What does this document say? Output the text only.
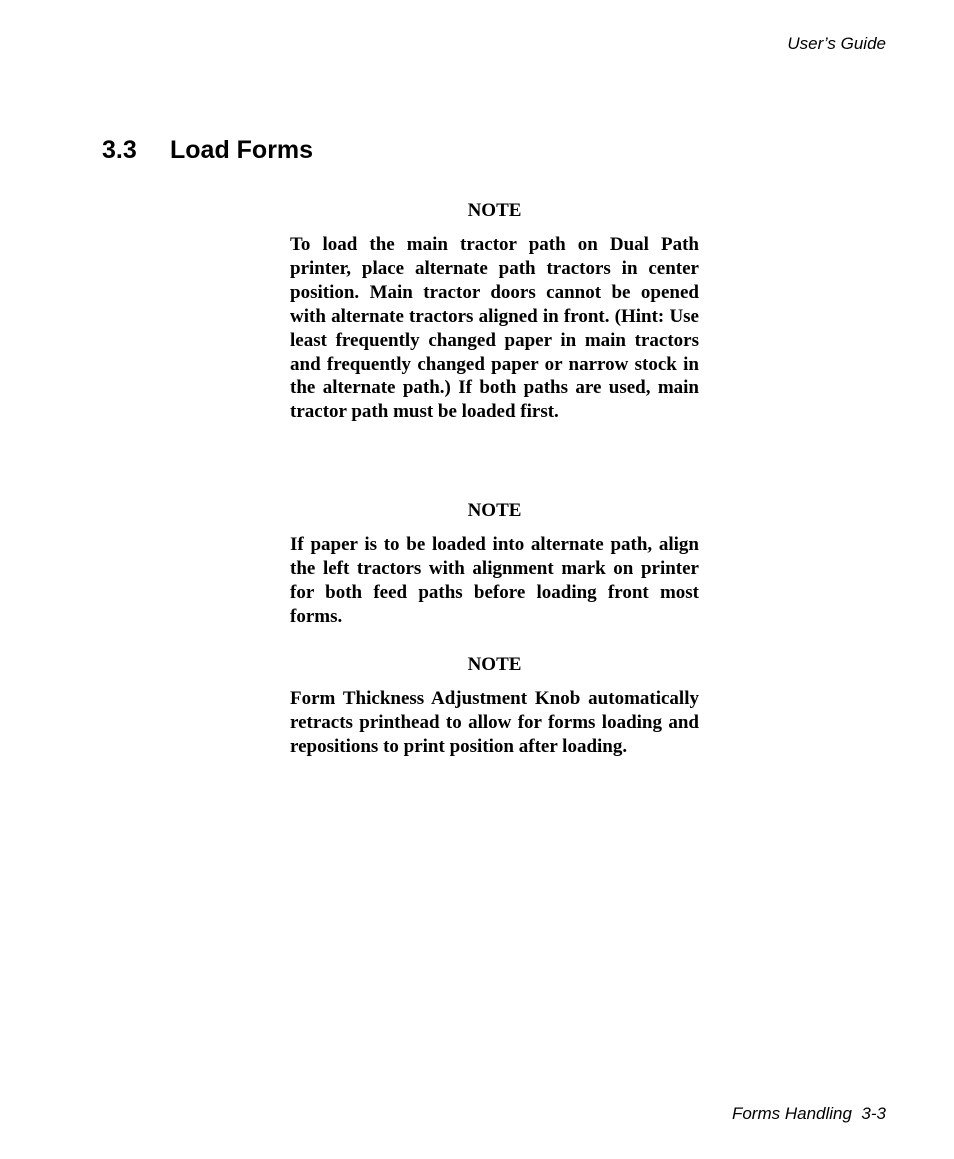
User’s Guide
3.3 Load Forms

NOTE

To load the main tractor path on Dual Path printer, place alternate path tractors in center position. Main tractor doors cannot be opened with alternate tractors aligned in front. (Hint: Use least frequently changed paper in main tractors and frequently changed paper or narrow stock in the alternate path.) If both paths are used, main tractor path must be loaded first.

NOTE

If paper is to be loaded into alternate path, align the left tractors with alignment mark on printer for both feed paths before loading front most forms.

NOTE

Form Thickness Adjustment Knob automatically retracts printhead to allow for forms loading and repositions to print position after loading.

Forms Handling 3-3
